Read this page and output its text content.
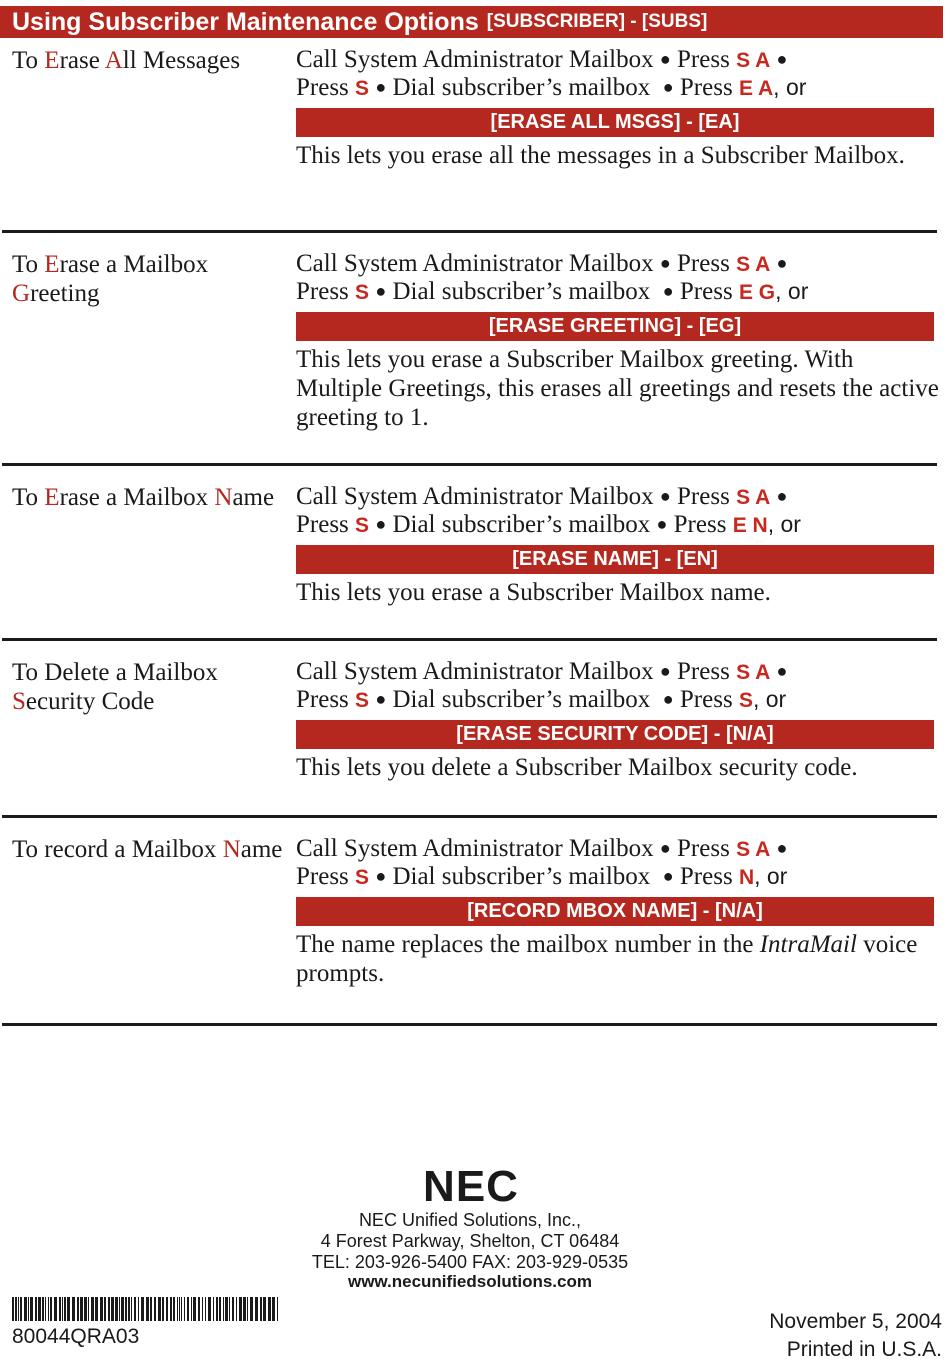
Using Subscriber Maintenance Options [SUBSCRIBER] - [SUBS]
To Erase All Messages	Call System Administrator Mailbox ● Press S A ●
Press S ● Dial subscriber’s mailbox ● Press E A, or
[ERASE ALL MSGS] - [EA]
This lets you erase all the messages in a Subscriber Mailbox.
To Erase a Mailbox Greeting
Call System Administrator Mailbox ● Press S A ●
Press S ● Dial subscriber’s mailbox ● Press E G, or
[ERASE GREETING] - [EG]
This lets you erase a Subscriber Mailbox greeting. With Multiple Greetings, this erases all greetings and resets the active greeting to 1.
To Erase a Mailbox Name Call System Administrator Mailbox ● Press S A ●
Press S ● Dial subscriber’s mailbox ● Press E N, or
[ERASE NAME] - [EN]
This lets you erase a Subscriber Mailbox name.
To Delete a Mailbox Security Code
Call System Administrator Mailbox ● Press S A ●
Press S ● Dial subscriber’s mailbox ● Press S, or
[ERASE SECURITY CODE] - [N/A]
This lets you delete a Subscriber Mailbox security code.
To record a Mailbox Name Call System Administrator Mailbox ● Press S A ●
Press S ● Dial subscriber’s mailbox ● Press N, or
[RECORD MBOX NAME] - [N/A]
The name replaces the mailbox number in the IntraMail voice prompts.
NEC
NEC Unified Solutions, Inc.,
4 Forest Parkway, Shelton, CT 06484
TEL: 203-926-5400 FAX: 203-929-0535
www.necunifiedsolutions.com
80044QRA03
November 5, 2004
Printed in U.S.A.
